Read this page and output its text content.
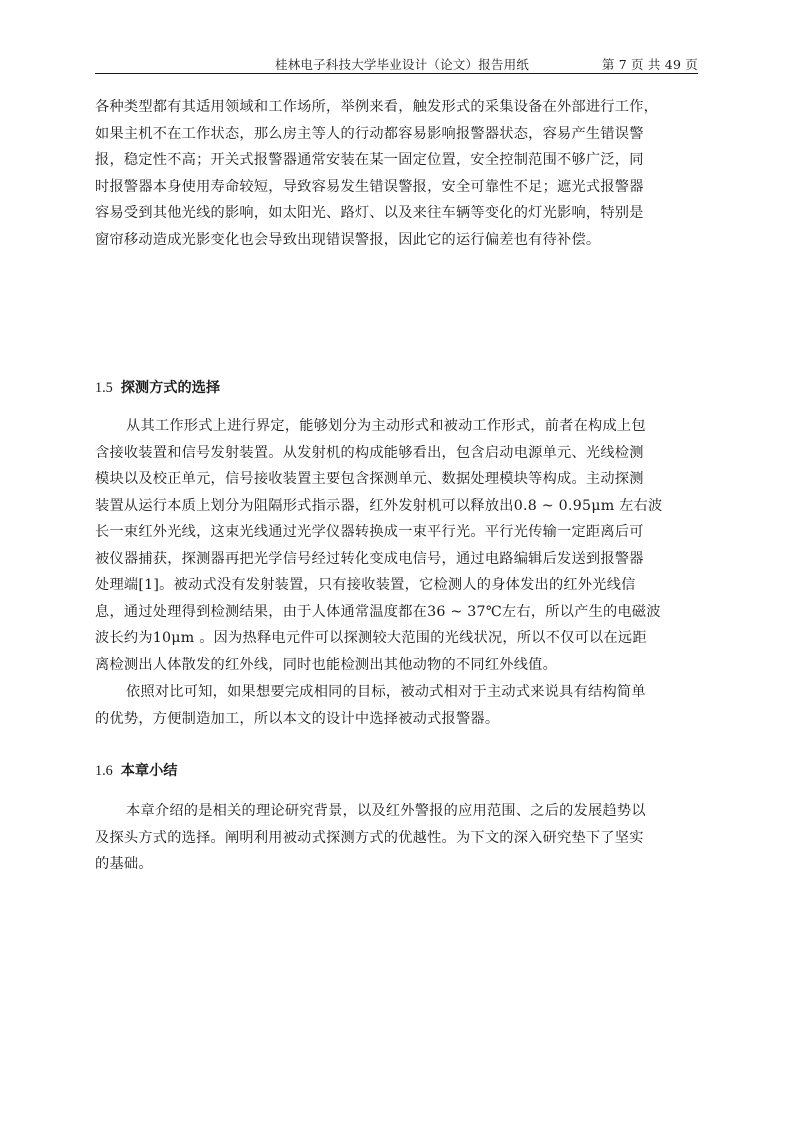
桂林电子科技大学毕业设计（论文）报告用纸	第 7 页 共 49 页
各种类型都有其适用领域和工作场所，举例来看，触发形式的采集设备在外部进行工作，
如果主机不在工作状态，那么房主等人的行动都容易影响报警器状态，容易产生错误警
报，稳定性不高；开关式报警器通常安装在某一固定位置，安全控制范围不够广泛，同
时报警器本身使用寿命较短，导致容易发生错误警报，安全可靠性不足；遮光式报警器
容易受到其他光线的影响，如太阳光、路灯、以及来往车辆等变化的灯光影响，特别是
窗帘移动造成光影变化也会导致出现错误警报，因此它的运行偏差也有待补偿。
1.5 探测方式的选择
从其工作形式上进行界定，能够划分为主动形式和被动工作形式，前者在构成上包
含接收装置和信号发射装置。从发射机的构成能够看出，包含启动电源单元、光线检测
模块以及校正单元，信号接收装置主要包含探测单元、数据处理模块等构成。主动探测
装置从运行本质上划分为阻隔形式指示器，红外发射机可以释放出0.8 ~ 0.95μm 左右波
长一束红外光线，这束光线通过光学仪器转换成一束平行光。平行光传输一定距离后可
被仪器捕获，探测器再把光学信号经过转化变成电信号，通过电路编辑后发送到报警器
处理端[1]。被动式没有发射装置，只有接收装置，它检测人的身体发出的红外光线信
息，通过处理得到检测结果，由于人体通常温度都在36 ~ 37℃左右，所以产生的电磁波
波长约为10μm 。因为热释电元件可以探测较大范围的光线状况，所以不仅可以在远距
离检测出人体散发的红外线，同时也能检测出其他动物的不同红外线值。
依照对比可知，如果想要完成相同的目标，被动式相对于主动式来说具有结构简单
的优势，方便制造加工，所以本文的设计中选择被动式报警器。
1.6 本章小结
本章介绍的是相关的理论研究背景，以及红外警报的应用范围、之后的发展趋势以
及探头方式的选择。阐明利用被动式探测方式的优越性。为下文的深入研究垫下了坚实
的基础。
